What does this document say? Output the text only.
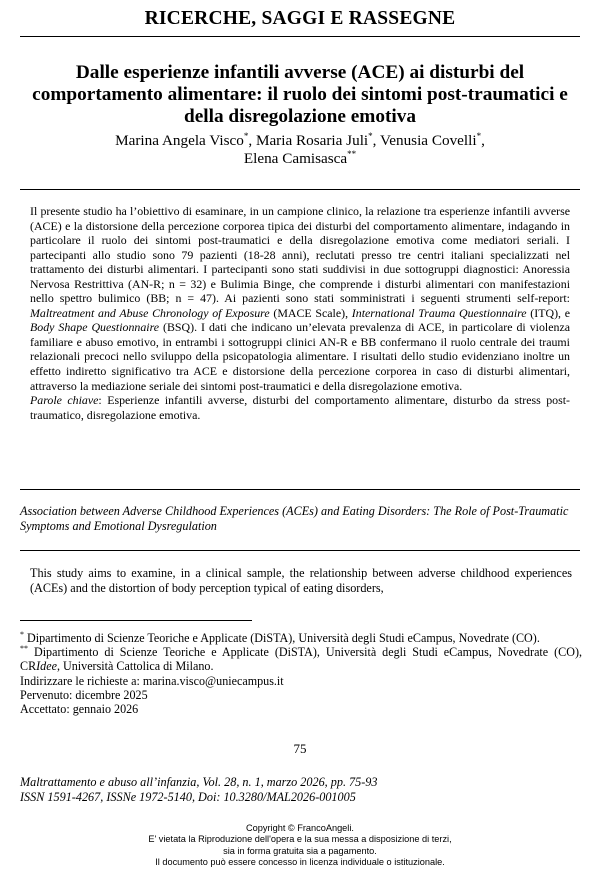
RICERCHE, SAGGI E RASSEGNE
Dalle esperienze infantili avverse (ACE) ai disturbi del comportamento alimentare: il ruolo dei sintomi post-traumatici e della disregolazione emotiva
Marina Angela Visco*, Maria Rosaria Juli*, Venusia Covelli*,
Elena Camisasca**

Il presente studio ha l’obiettivo di esaminare, in un campione clinico, la relazione tra esperienze infantili avverse (ACE) e la distorsione della percezione corporea tipica dei disturbi del comportamento alimentare, indagando in particolare il ruolo dei sintomi post-traumatici e della disregolazione emotiva come mediatori seriali. I partecipanti allo studio sono 79 pazienti (18-28 anni), reclutati presso tre centri italiani specializzati nel trattamento dei disturbi alimentari. I partecipanti sono stati suddivisi in due sottogruppi diagnostici: Anoressia Nervosa Restrittiva (AN-R; n = 32) e Bulimia Binge, che comprende i disturbi alimentari con manifestazioni nello spettro bulimico (BB; n = 47). Ai pazienti sono stati somministrati i seguenti strumenti self-report: Maltreatment and Abuse Chronology of Exposure (MACE Scale), International Trauma Questionnaire (ITQ), e Body Shape Questionnaire (BSQ). I dati che indicano un’elevata prevalenza di ACE, in particolare di violenza familiare e abuso emotivo, in entrambi i sottogruppi clinici AN-R e BB confermano il ruolo centrale dei traumi relazionali precoci nello sviluppo della psicopatologia alimentare. I risultati dello studio evidenziano inoltre un effetto indiretto significativo tra ACE e distorsione della percezione corporea in caso di disturbi alimentari, attraverso la mediazione seriale dei sintomi post-traumatici e della disregolazione emotiva.

Parole chiave: Esperienze infantili avverse, disturbi del comportamento alimentare, disturbo da stress post-traumatico, disregolazione emotiva.

Association between Adverse Childhood Experiences (ACEs) and Eating Disorders: The Role of Post-Traumatic Symptoms and Emotional Dysregulation
This study aims to examine, in a clinical sample, the relationship between adverse childhood experiences (ACEs) and the distortion of body perception typical of eating disorders,

* Dipartimento di Scienze Teoriche e Applicate (DiSTA), Università degli Studi eCampus, Novedrate (CO).

** Dipartimento di Scienze Teoriche e Applicate (DiSTA), Università degli Studi eCampus, Novedrate (CO), CRIdee, Università Cattolica di Milano.

Indirizzare le richieste a: marina.visco@uniecampus.it

Pervenuto: dicembre 2025

Accettato: gennaio 2026

75
Maltrattamento e abuso all’infanzia, Vol. 28, n. 1, marzo 2026, pp. 75-93
ISSN 1591-4267, ISSNe 1972-5140, Doi: 10.3280/MAL2026-001005
Copyright © FrancoAngeli.
E' vietata la Riproduzione dell'opera e la sua messa a disposizione di terzi,
sia in forma gratuita sia a pagamento.
Il documento può essere concesso in licenza individuale o istituzionale.
